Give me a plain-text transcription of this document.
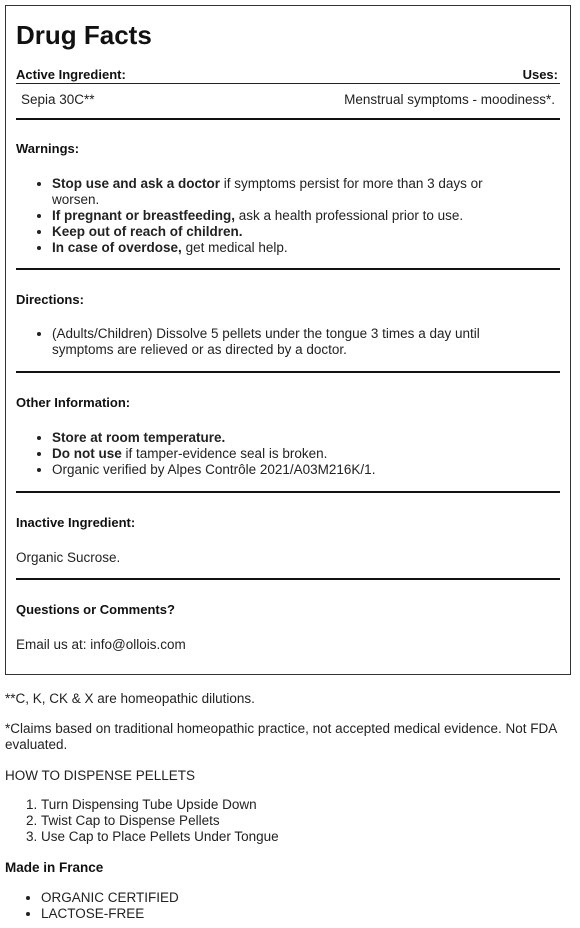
Drug Facts
Active Ingredient:	Uses:
Sepia 30C**	Menstrual symptoms - moodiness*.
Warnings:
• Stop use and ask a doctor if symptoms persist for more than 3 days or worsen.
• If pregnant or breastfeeding, ask a health professional prior to use.
• Keep out of reach of children.
• In case of overdose, get medical help.
Directions:
• (Adults/Children) Dissolve 5 pellets under the tongue 3 times a day until symptoms are relieved or as directed by a doctor.
Other Information:
• Store at room temperature.
• Do not use if tamper-evidence seal is broken.
• Organic verified by Alpes Contrôle 2021/A03M216K/1.
Inactive Ingredient:
Organic Sucrose.
Questions or Comments?
Email us at: info@ollois.com
**C, K, CK & X are homeopathic dilutions.
*Claims based on traditional homeopathic practice, not accepted medical evidence. Not FDA evaluated.
HOW TO DISPENSE PELLETS
1. Turn Dispensing Tube Upside Down
2. Twist Cap to Dispense Pellets
3. Use Cap to Place Pellets Under Tongue
Made in France
• ORGANIC CERTIFIED
• LACTOSE-FREE
